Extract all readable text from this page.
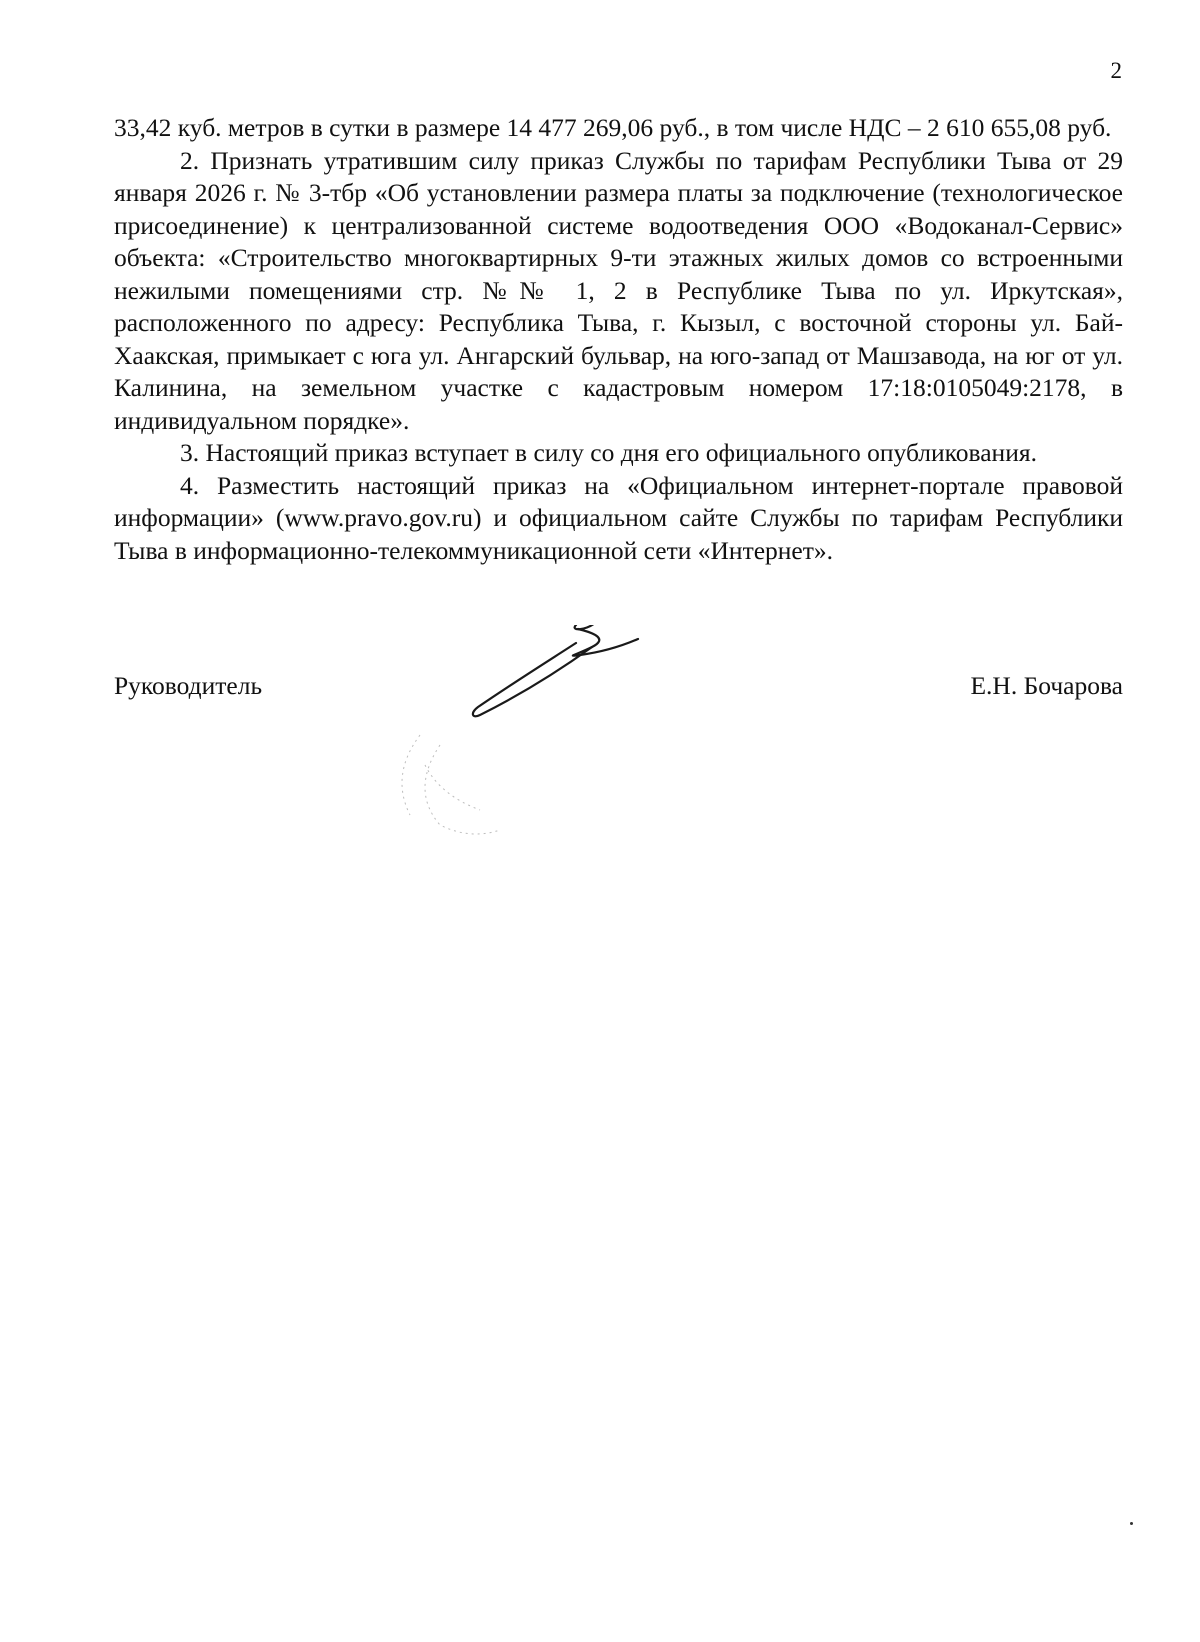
2

33,42 куб. метров в сутки в размере 14 477 269,06 руб., в том числе НДС – 2 610 655,08 руб.

2. Признать утратившим силу приказ Службы по тарифам Республики Тыва от 29 января 2026 г. № 3-тбр «Об установлении размера платы за подключение (технологическое присоединение) к централизованной системе водоотведения ООО «Водоканал-Сервис» объекта: «Строительство многоквартирных 9-ти этажных жилых домов со встроенными нежилыми помещениями стр. №№ 1, 2 в Республике Тыва по ул. Иркутская», расположенного по адресу: Республика Тыва, г. Кызыл, с восточной стороны ул. Бай-Хаакская, примыкает с юга ул. Ангарский бульвар, на юго-запад от Машзавода, на юг от ул. Калинина, на земельном участке с кадастровым номером 17:18:0105049:2178, в индивидуальном порядке».

3. Настоящий приказ вступает в силу со дня его официального опубликования.

4. Разместить настоящий приказ на «Официальном интернет-портале правовой информации» (www.pravo.gov.ru) и официальном сайте Службы по тарифам Республики Тыва в информационно-телекоммуникационной сети «Интернет».

Руководитель	Е.Н. Бочарова
